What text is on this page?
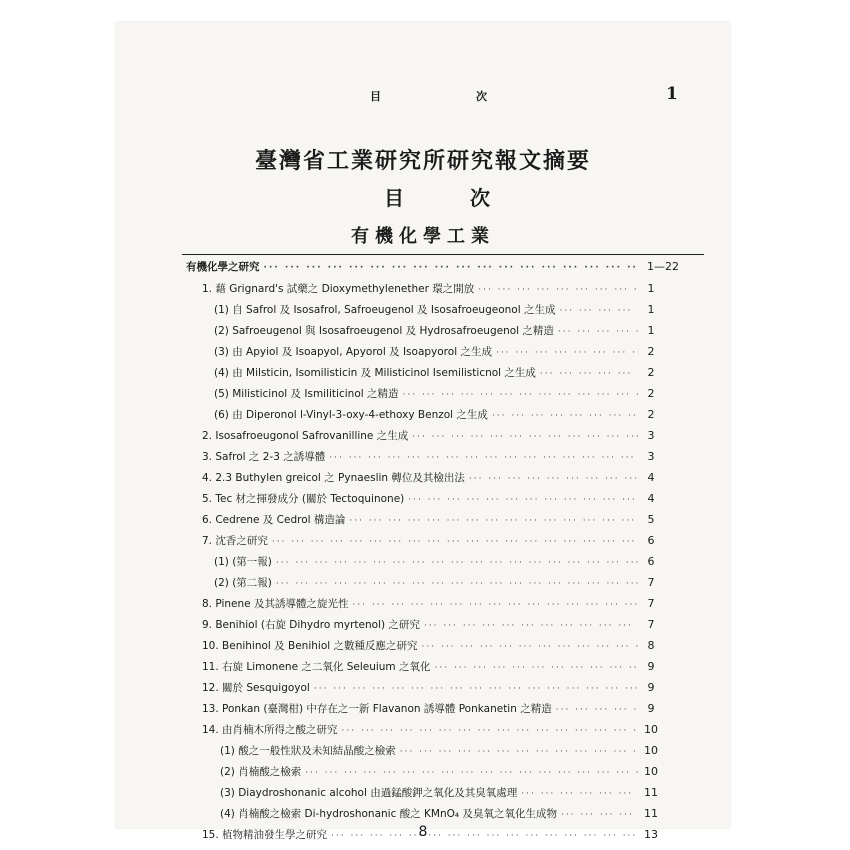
目	次	1
臺灣省工業研究所研究報文摘要
目	次
有機化學工業
有機化學之研究 ··· ·	1—22
1. 藉 Grignard's 試藥之 Dioxymethylenether 環之開放 ··· ·	1
(1) 自 Safrol 及 Isosafrol, Safroeugenol 及 Isosafroeugeonol 之生成 ··· ·	1
(2) Safroeugenol 與 Isosafroeugenol 及 Hydrosafroeugenol 之精造 ··· ·	1
(3) 由 Apyiol 及 Isoapyol, Apyorol 及 Isoapyorol 之生成 ··· ·	2
(4) 由 Milsticin, Isomilisticin 及 Milisticinol Isemilisticnol 之生成 ··· ·	2
(5) Milisticinol 及 Ismiliticinol 之精造 ··· ·	2
(6) 由 Diperonol l-Vinyl-3-oxy-4-ethoxy Benzol 之生成 ··· ·	2
2. Isosafroeugonol Safrovanilline 之生成 ··· ·	3
3. Safrol 之 2-3 之誘導體 ··· ·	3
4. 2.3 Buthylen greicol 之 Pynaeslin 轉位及其檢出法 ··· ·	4
5. Tec 材之揮發成分 (關於 Tectoquinone) ··· ·	4
6. Cedrene 及 Cedrol 構造論 ··· ·	5
7. 沈香之研究 ··· ·	6
(1) (第一報) ··· ·	6
(2) (第二報) ··· ·	7
8. Pinene 及其誘導體之旋光性 ··· ·	7
9. Benihiol (右旋 Dihydro myrtenol) 之研究 ··· ·	7
10. Benihinol 及 Benihiol 之數種反應之研究 ··· ·	8
11. 右旋 Limonene 之二氧化 Seleuium 之氧化 ··· ·	9
12. 關於 Sesquigoyol ··· ·	9
13. Ponkan (臺灣柑) 中存在之一新 Flavanon 誘導體 Ponkanetin 之精造 ··· ·	9
14. 由肖楠木所得之酸之研究 ··· ·	10
(1) 酸之一般性狀及未知結晶酸之檢索 ··· ·	10
(2) 肖楠酸之檢索 ··· ·	10
(3) Diaydroshonanic alcohol 由過錳酸鉀之氧化及其臭氧處理 ··· ·	11
(4) 肖楠酸之檢索 Di-hydroshonanic 酸之 KMnO₄ 及臭氧之氧化生成物 ··· ·	11
15. 植物精油發生學之研究 ··· ·	13
8
